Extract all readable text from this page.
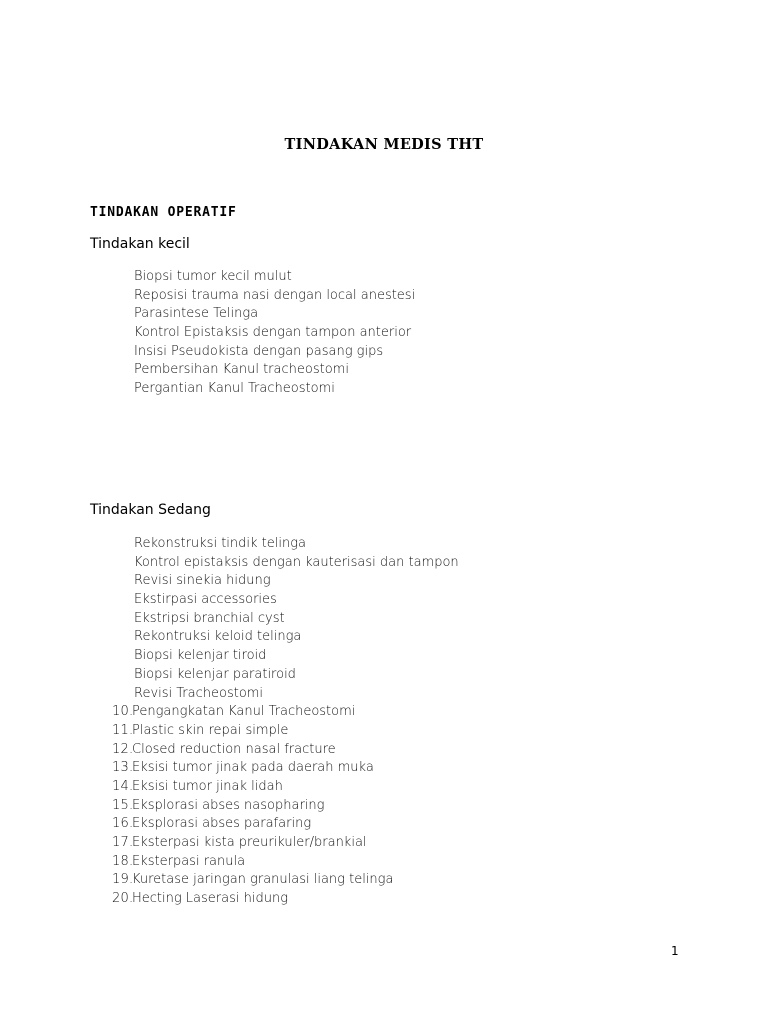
TINDAKAN MEDIS THT
TINDAKAN OPERATIF
Tindakan kecil
Biopsi tumor kecil mulut
Reposisi trauma nasi dengan local anestesi
Parasintese Telinga
Kontrol Epistaksis dengan tampon anterior
Insisi Pseudokista dengan pasang gips
Pembersihan Kanul tracheostomi
Pergantian Kanul Tracheostomi
Tindakan Sedang
Rekonstruksi tindik telinga
Kontrol epistaksis dengan kauterisasi dan tampon
Revisi sinekia hidung
Ekstirpasi accessories
Ekstripsi branchial cyst
Rekontruksi keloid telinga
Biopsi kelenjar tiroid
Biopsi kelenjar paratiroid
Revisi Tracheostomi
10.
Pengangkatan Kanul Tracheostomi
11.
Plastic skin repai simple
12.
Closed reduction nasal fracture
13.
Eksisi tumor jinak pada daerah muka
14.
Eksisi tumor jinak lidah
15.
Eksplorasi abses nasopharing
16.
Eksplorasi abses parafaring
17.
Eksterpasi kista preurikuler/brankial
18.
Eksterpasi ranula
19.
Kuretase jaringan granulasi liang telinga
20.
Hecting Laserasi hidung
1
